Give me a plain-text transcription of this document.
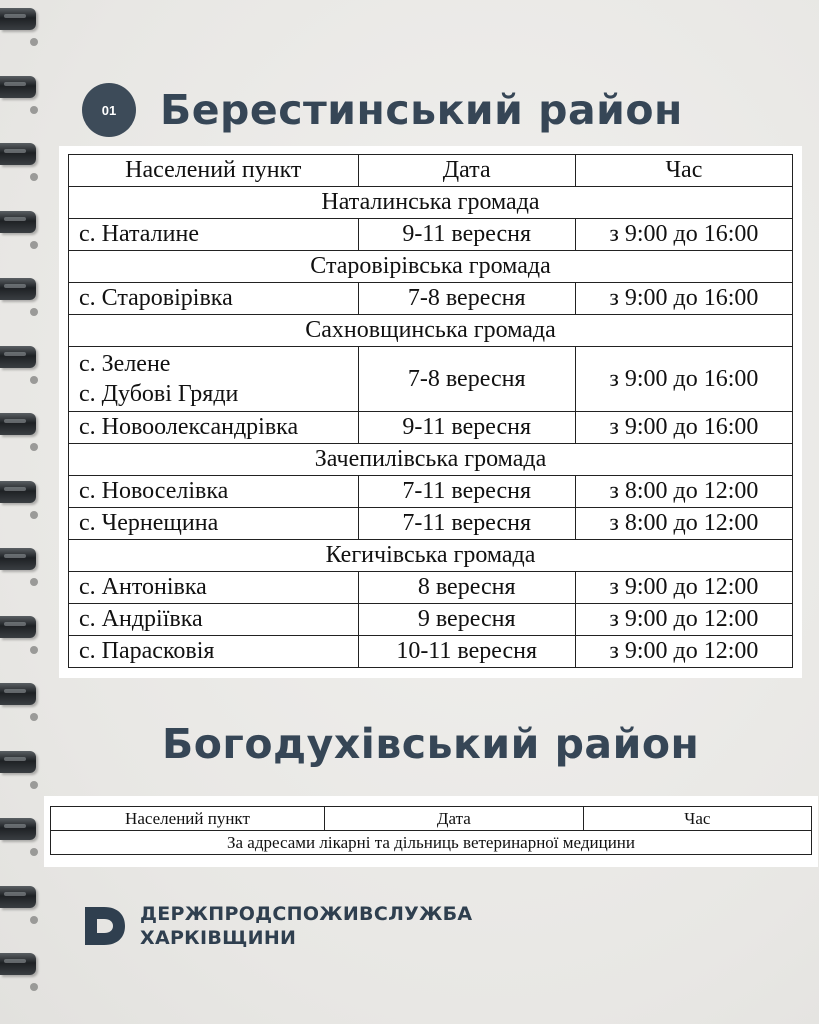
01	Берестинський район
Населений пункт	Дата	Час
Наталинська громада		
с. Наталине	9-11 вересня	з 9:00 до 16:00
Старовірівська громада		
с. Старовірівка	7-8 вересня	з 9:00 до 16:00
Сахновщинська громада		

с. Зелене
с. Дубові Гряди	7-8 вересня	з 9:00 до 16:00
с. Новоолександрівка	9-11 вересня	з 9:00 до 16:00
Зачепилівська громада		
с. Новоселівка	7-11 вересня	з 8:00 до 12:00
с. Чернещина	7-11 вересня	з 8:00 до 12:00
Кегичівська громада		
с. Антонівка	8 вересня	з 9:00 до 12:00
с. Андріївка	9 вересня	з 9:00 до 12:00
с. Парасковія	10-11 вересня	з 9:00 до 12:00
Богодухівський район
Населений пункт	Дата	Час
За адресами лікарні та дільниць ветеринарної медицини
ДЕРЖПРОДСПОЖИВСЛУЖБА
ХАРКІВЩИНИ
